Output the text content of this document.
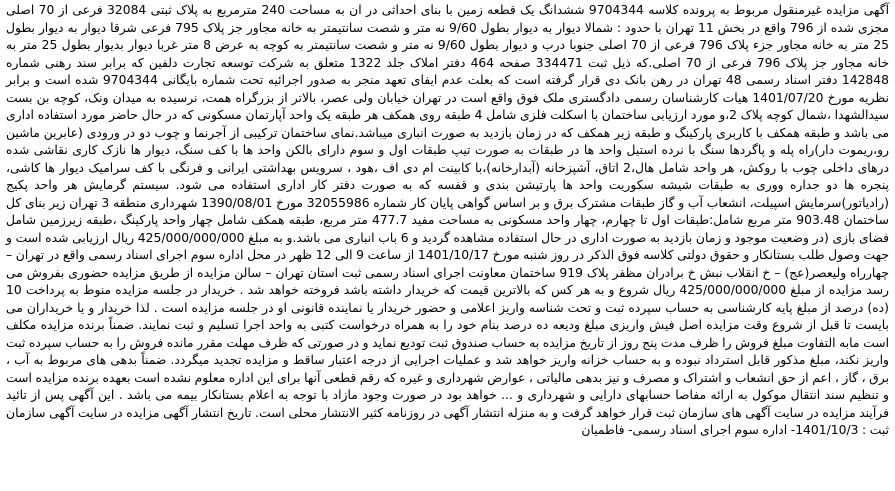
آگهی مزایده غیرمنقول مربوط به پرونده کلاسه 9704344 ششدانگ یک قطعه زمین با بنای احداثی در ان به مساحت 240 مترمربع به پلاک ثبتی 32084 فرعی از 70 اصلی مجزی شده از 796 واقع در بخش 11 تهران با حدود : شمالا دیوار به دیوار بطول 9/60 نه متر و شصت سانتیمتر به خانه مجاور جز پلاک 795 فرعی شرقا دیوار به دیوار بطول 25 متر به خانه مجاور جزء پلاک 796 فرعی از 70 اصلی جنوبا درب و دیوار بطول 9/60 نه متر و شصت سانتیمتر به کوچه به عرض 8 متر غربا دیوار بدیوار بطول 25 متر به خانه مجاور جز پلاک 796 فرعی از 70 اصلی.که ذیل ثبت 334471 صفحه 464 دفتر املاک جلد 1322 متعلق به شرکت توسعه تجارت دلفین که برابر سند رهنی شماره 142848 دفتر اسناد رسمی 48 تهران در رهن بانک دی قرار گرفته است که بعلت عدم ایفای تعهد منجر به صدور اجرائیه تحت شماره بایگانی 9704344 شده است و برابر نظریه مورخ 1401/07/20 هیات کارشناسان رسمی دادگستری ملک فوق واقع است در تهران خیابان ولی عصر، بالاتر از بزرگراه همت، نرسیده به میدان ونک، کوچه بن بست سیدالشهدا ،شمال کوچه پلاک 2،و مورد ارزیابی ساختمان با اسکلت فلزی شامل 4 طبقه روی همکف هر طبقه یک واحد آپارتمان مسکونی که در حال حاضر مورد استفاده اداری می باشد و طبقه همکف با کاربری پارکینگ و طبقه زیر همکف که در زمان بازدید به صورت انباری میباشد.نمای ساختمان ترکیبی از آجرنما و چوب دو در ورودی (عابرین ماشین رو،ریموت دار)راه پله و پاگردها سنگ با نرده استیل واحد ها در طبقات به صورت تیپ طبقات اول و سوم دارای بالکن واحد ها با کف سنگ، دیوار ها نازک کاری نقاشی شده درهای داخلی چوب با روکش، هر واحد شامل هال،2 اتاق، آشپزخانه (آبدارخانه)،با کابینت ام دی اف ،هود ، سرویس بهداشتی ایرانی و فرنگی با کف سرامیک دیوار ها کاشی، پنجره ها دو جداره ووری به طبقات شیشه سکوریت واحد ها پارتیشن بندی و قفسه که به صورت دفتر کار اداری استفاده می شود. سیستم گرمایش هر واحد پکیج (رادیاتور)سرمایش اسپیلت، انشعاب آب و گاز طبقات مشترک برق و بر اساس گواهی پایان کار شماره 32055986 مورخ 1390/08/01 شهرداری منطقه 3 تهران زیر بنای کل ساختمان 903.48 متر مربع شامل:طبقات اول تا چهارم، چهار واحد مسکونی به مساحت مفید 477.7 متر مربع، طبقه همکف شامل چهار واحد پارکینگ ،طبقه زیرزمین شامل فضای بازی (در وضعیت موجود و زمان بازدید به صورت اداری در حال استفاده مشاهده گردید و 6 باب انباری می باشد.و به مبلغ 425/000/000/000 ریال ارزیابی شده است و جهت وصول طلب بستانکار و حقوق دولتی کلاسه فوق الذکر در روز شنبه مورخ 1401/10/17 از ساعت 9 الی 12 ظهر در محل اداره سوم اجرای اسناد رسمی واقع در تهران – چهارراه ولیعصر(عج) – خ انقلاب نبش خ برادران مظفر پلاک 919 ساختمان معاونت اجرای اسناد رسمی ثبت استان تهران – سالن مزایده از طریق مزایده حضوری بفروش می رسد مزایده از مبلغ 425/000/000/000 ریال شروع و به هر کس که بالاترین قیمت که خریدار داشته باشد فروخته خواهد شد . خریدار در جلسه مزایده منوط به پرداخت 10 (ده) درصد از مبلغ پایه کارشناسی به حساب سپرده ثبت و تحت شناسه واریز اعلامی و حضور خریدار یا نماینده قانونی او در جلسه مزایده است . لذا خریدار و یا خریداران می بایست تا قبل از شروع وقت مزایده اصل فیش واریزی مبلغ ودیعه ده درصد بنام خود را به همراه درخواست کتبی به واحد اجرا تسلیم و ثبت نمایند. ضمناً برنده مزایده مکلف است مابه التفاوت مبلغ فروش را ظرف مدت پنج روز از تاریخ مزایده به حساب صندوق ثبت تودیع نماید و در صورتی که ظرف مهلت مقرر مانده فروش را به حساب سپرده ثبت واریز نکند، مبلغ مذکور قابل استرداد نبوده و به حساب خزانه واریز خواهد شد و عملیات اجرایی از درجه اعتبار ساقط و مزایده تجدید میگردد. ضمناً بدهی های مربوط به آب ، برق ، گاز ، اعم از حق انشعاب و اشتراک و مصرف و نیز بدهی مالیاتی ، عوارض شهرداری و غیره که رقم قطعی آنها برای این اداره معلوم نشده است بعهده برنده مزایده است و تنظیم سند انتقال موکول به ارائه مفاصا حسابهای دارایی و شهرداری و ... خواهد بود در صورت وجود مازاد با توجه به اعلام بستانکار بیمه می باشد . این آگهی پس از تائید فرآیند مزایده در سایت آگهی های سازمان ثبت قرار خواهد گرفت و به منزله انتشار آگهی در روزنامه کثیر الانتشار محلی است. تاریخ انتشار آگهی مزایده در سایت آگهی سازمان ثبت : 1401/10/3- اداره سوم اجرای اسناد رسمی- فاطمیان
